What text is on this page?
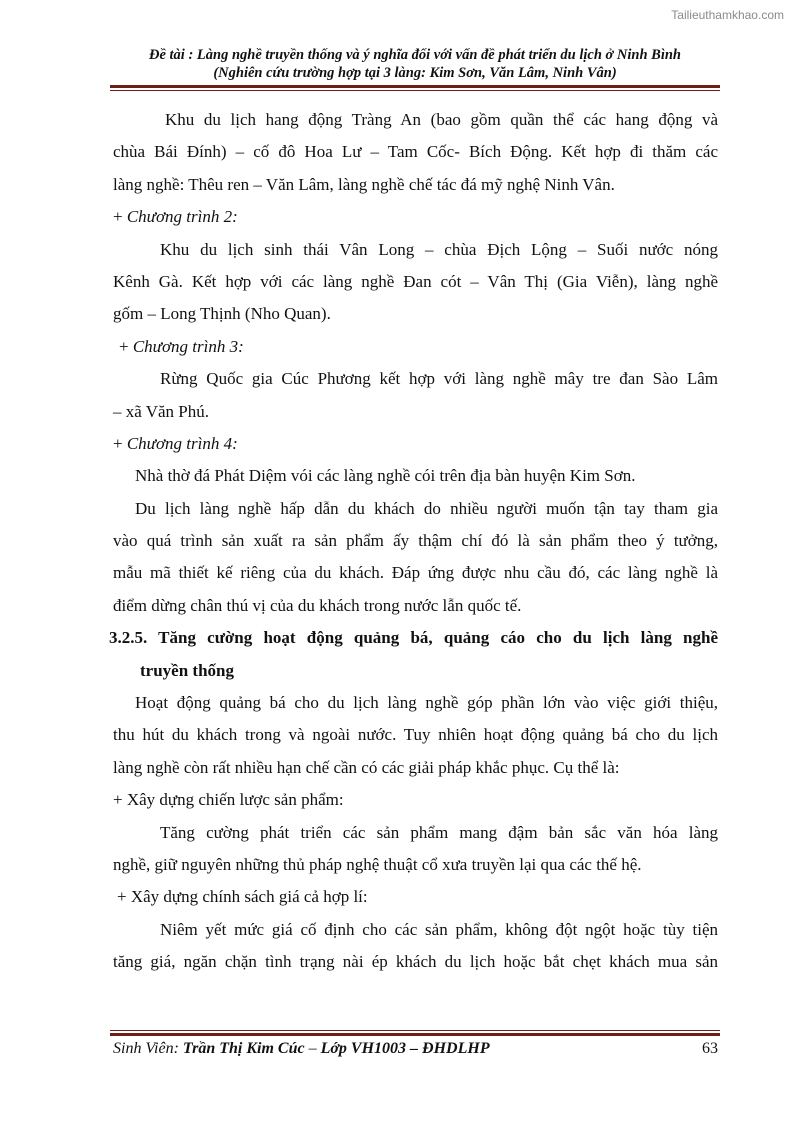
Tailieuthamkhao.com
Đề tài : Làng nghề truyền thống và ý nghĩa đối với vấn đề phát triển du lịch ở Ninh Bình
(Nghiên cứu trường hợp tại 3 làng: Kim Sơn, Văn Lâm, Ninh Vân)
Khu du lịch hang động Tràng An (bao gồm quần thể các hang động và
chùa Bái Đính) – cố đô Hoa Lư – Tam Cốc- Bích Động. Kết hợp đi thăm các
làng nghề: Thêu ren – Văn Lâm, làng nghề chế tác đá mỹ nghệ Ninh Vân.
+ Chương trình 2:
Khu du lịch sinh thái Vân Long – chùa Địch Lộng – Suối nước nóng
Kênh Gà. Kết hợp với các làng nghề Đan cót – Vân Thị (Gia Viễn), làng nghề
gốm – Long Thịnh (Nho Quan).
+ Chương trình 3:
Rừng Quốc gia Cúc Phương kết hợp với làng nghề mây tre đan Sào Lâm
– xã Văn Phú.
+ Chương trình 4:
Nhà thờ đá Phát Diệm vói các làng nghề cói trên địa bàn huyện Kim Sơn.
Du lịch làng nghề hấp dẫn du khách do nhiều người muốn tận tay tham gia
vào quá trình sản xuất ra sản phẩm ấy thậm chí đó là sản phẩm theo ý tưởng,
mẫu mã thiết kế riêng của du khách. Đáp ứng được nhu cầu đó, các làng nghề là
điểm dừng chân thú vị của du khách trong nước lẫn quốc tế.
3.2.5. Tăng cường hoạt động quảng bá, quảng cáo cho du lịch làng nghề
truyền thống
Hoạt động quảng bá cho du lịch làng nghề góp phần lớn vào việc giới thiệu,
thu hút du khách trong và ngoài nước. Tuy nhiên hoạt động quảng bá cho du lịch
làng nghề còn rất nhiều hạn chế cần có các giải pháp khắc phục. Cụ thể là:
+ Xây dựng chiến lược sản phẩm:
Tăng cường phát triển các sản phẩm mang đậm bản sắc văn hóa làng
nghề, giữ nguyên những thủ pháp nghệ thuật cổ xưa truyền lại qua các thế hệ.
+ Xây dựng chính sách giá cả hợp lí:
Niêm yết mức giá cố định cho các sản phẩm, không đột ngột hoặc tùy tiện
tăng giá, ngăn chặn tình trạng nài ép khách du lịch hoặc bắt chẹt khách mua sản
Sinh Viên: Trần Thị Kim Cúc – Lớp VH1003 – ĐHDLHP	63
